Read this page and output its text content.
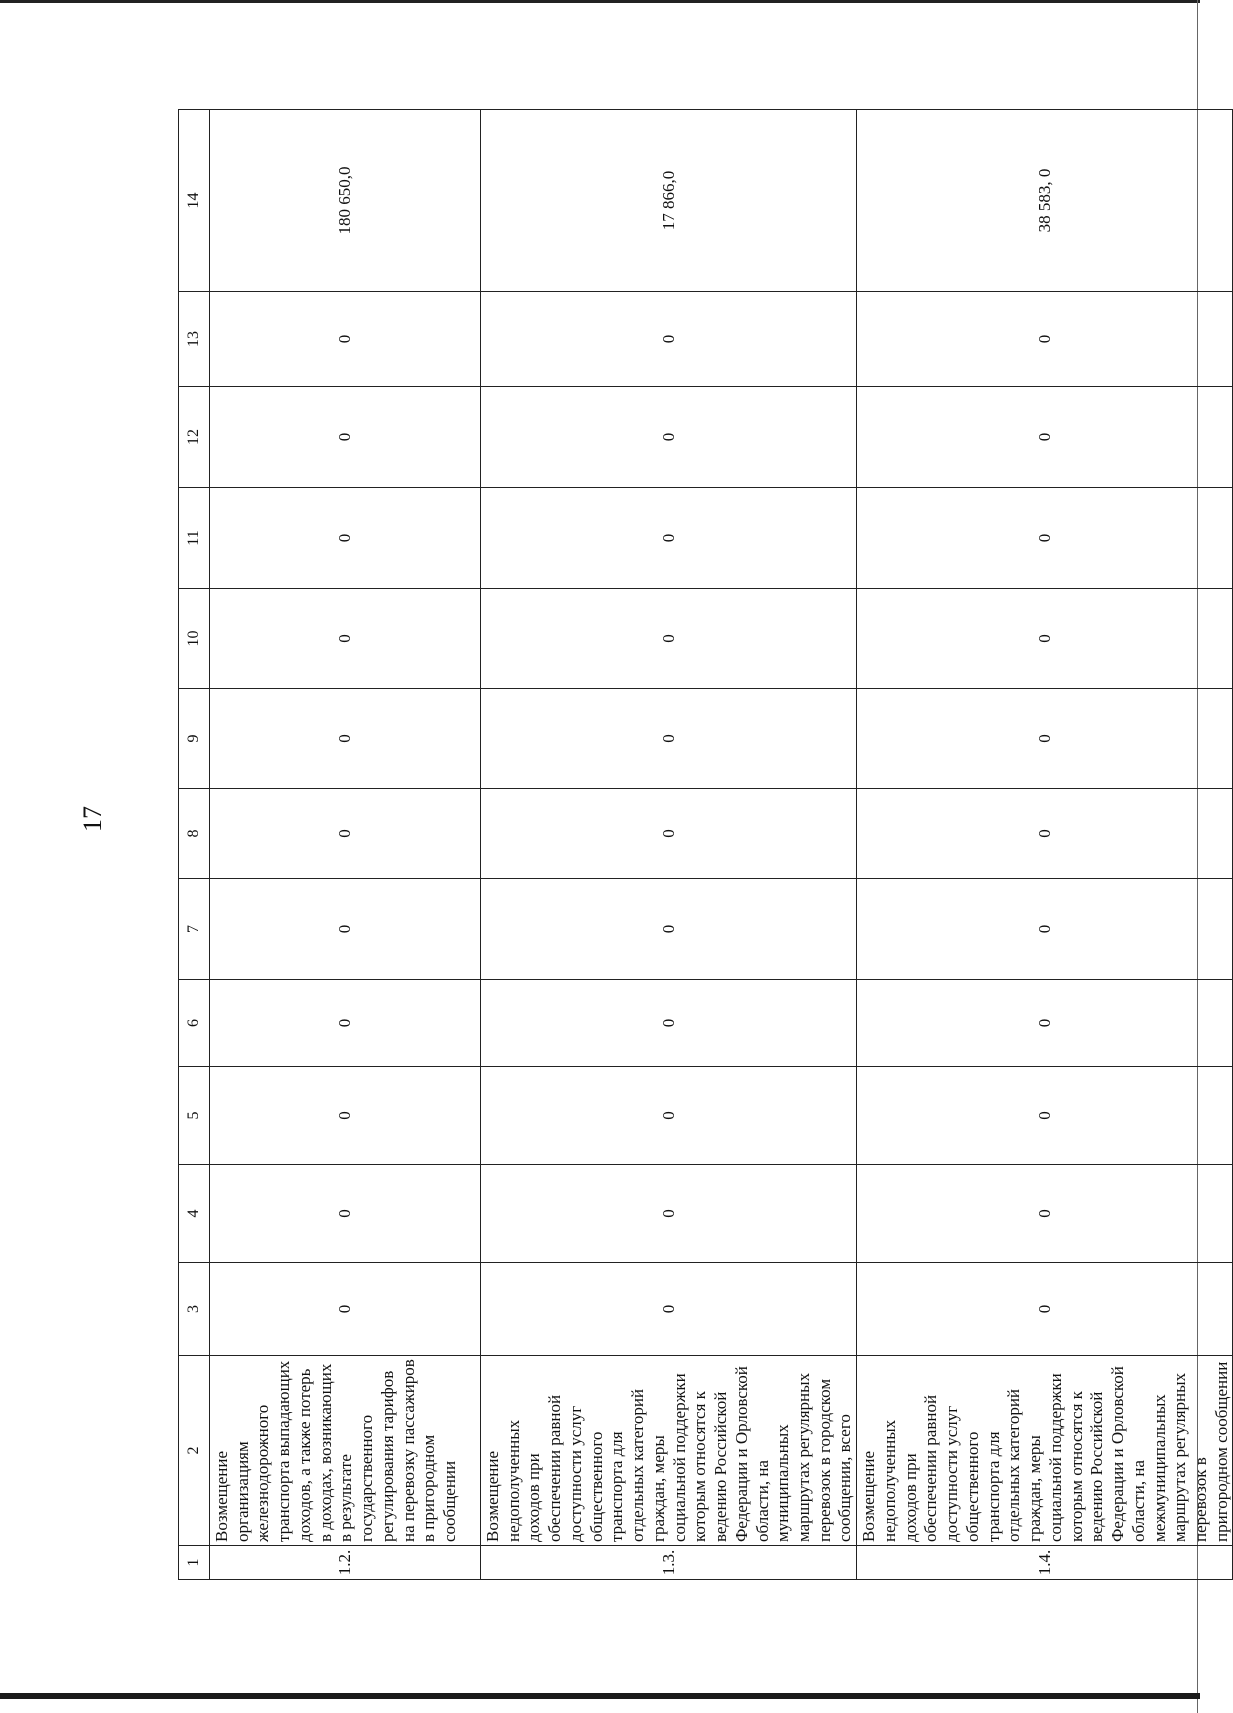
17
1	2	3	4	5	6	7	8	9	10	11	12	13	14
1.2.	Возмещение организациям железнодорожного транспорта выпадающих доходов, а также потерь в доходах, возникающих в результате государственного регулирования тарифов на перевозку пассажиров в пригородном сообщении	0	0	0	0	0	0	0	0	0	0	0	180 650,0
1.3.	Возмещение недополученных доходов при обеспечении равной доступности услуг общественного транспорта для отдельных категорий граждан, меры социальной поддержки которым относятся к ведению Российской Федерации и Орловской области, на муниципальных маршрутах регулярных перевозок в городском сообщении, всего	0	0	0	0	0	0	0	0	0	0	0	17 866,0
1.4.	Возмещение недополученных доходов при обеспечении равной доступности услуг общественного транспорта для отдельных категорий граждан, меры социальной поддержки которым относятся к ведению Российской Федерации и Орловской области, на межмуниципальных маршрутах регулярных перевозок в пригородном сообщении	0	0	0	0	0	0	0	0	0	0	0	38 583, 0
